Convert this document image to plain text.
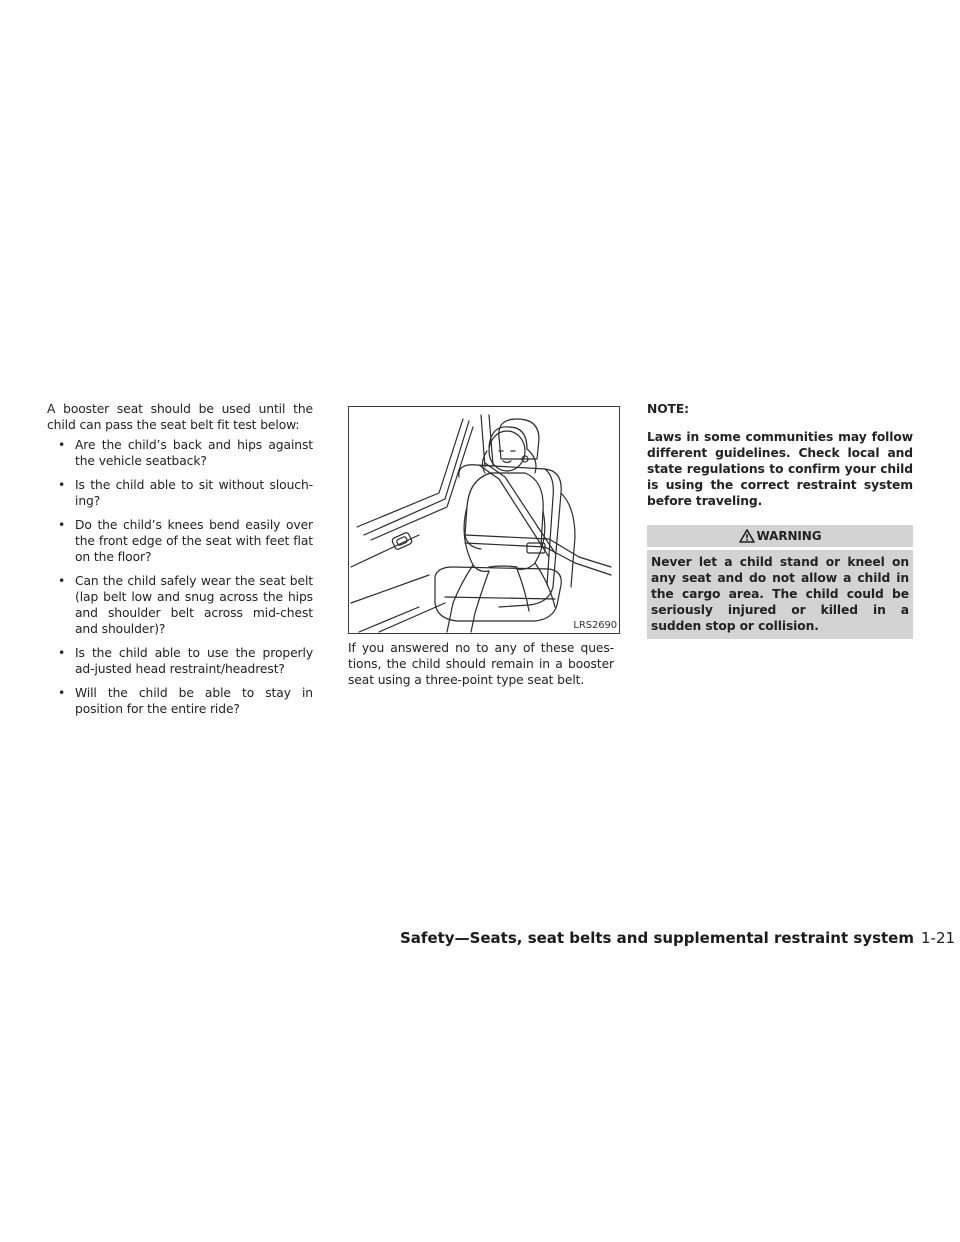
A booster seat should be used until the child can pass the seat belt fit test below:

• Are the child’s back and hips against the vehicle seatback?
• Is the child able to sit without slouch-ing?
• Do the child’s knees bend easily over the front edge of the seat with feet flat on the floor?
• Can the child safely wear the seat belt (lap belt low and snug across the hips and shoulder belt across mid-chest and shoulder)?
• Is the child able to use the properly ad-justed head restraint/headrest?
• Will the child be able to stay in position for the entire ride?
LRS2690

If you answered no to any of these ques-tions, the child should remain in a booster seat using a three-point type seat belt.

NOTE:
Laws in some communities may follow different guidelines. Check local and state regulations to confirm your child is using the correct restraint system before traveling.
WARNING
Never let a child stand or kneel on any seat and do not allow a child in the cargo area. The child could be seriously injured or killed in a sudden stop or collision.
Safety—Seats, seat belts and supplemental restraint system 1-21
